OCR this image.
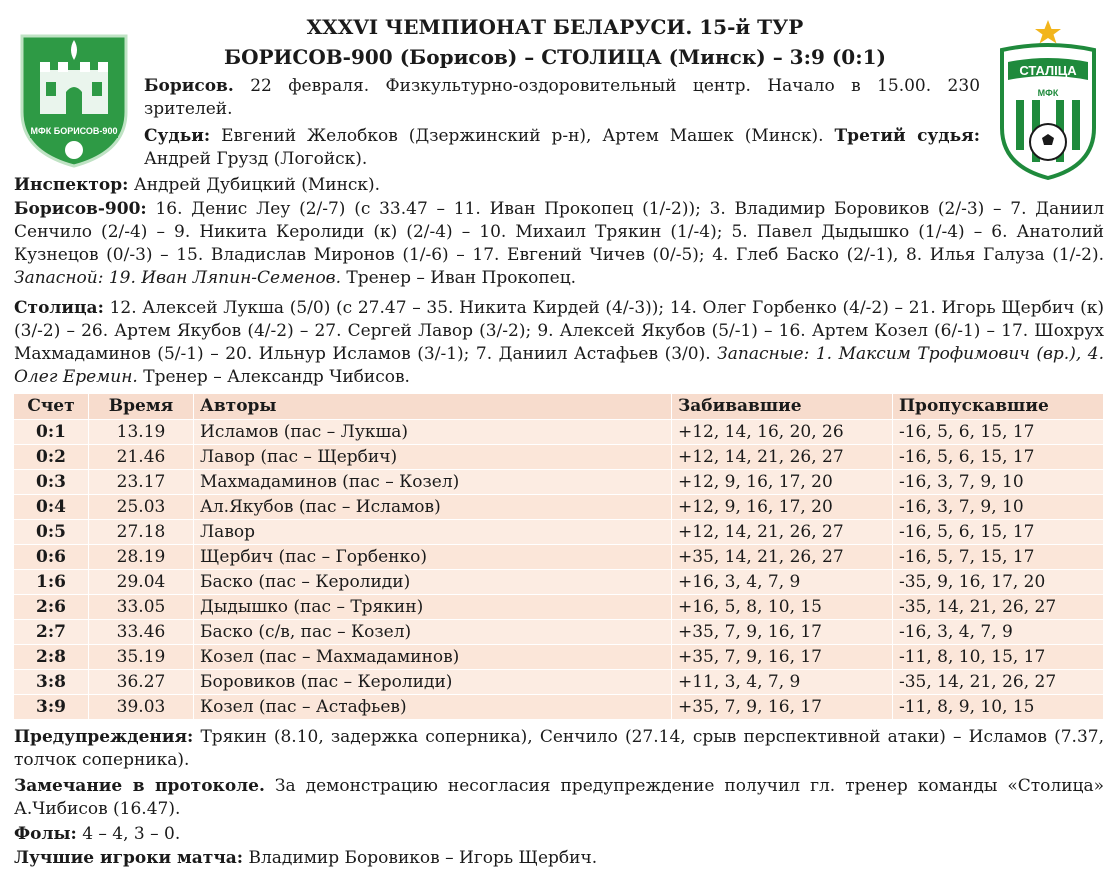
МФК БОРИСОВ-900
СТАЛІЦА
МФК
XXXVI ЧЕМПИОНАТ БЕЛАРУСИ. 15-й ТУР
БОРИСОВ-900 (Борисов) – СТОЛИЦА (Минск) – 3:9 (0:1)
Борисов. 22 февраля. Физкультурно-оздоровительный центр. Начало в 15.00. 230 зрителей.
Судьи: Евгений Желобков (Дзержинский р-н), Артем Машек (Минск). Третий судья: Андрей Грузд (Логойск).
Инспектор: Андрей Дубицкий (Минск).
Борисов-900: 16. Денис Леу (2/-7) (с 33.47 – 11. Иван Прокопец (1/-2)); 3. Владимир Боровиков (2/-3) – 7. Даниил Сенчило (2/-4) – 9. Никита Керолиди (к) (2/-4) – 10. Михаил Трякин (1/-4); 5. Павел Дыдышко (1/-4) – 6. Анатолий Кузнецов (0/-3) – 15. Владислав Миронов (1/-6) – 17. Евгений Чичев (0/-5); 4. Глеб Баско (2/-1), 8. Илья Галуза (1/-2). Запасной: 19. Иван Ляпин-Семенов. Тренер – Иван Прокопец.
Столица: 12. Алексей Лукша (5/0) (с 27.47 – 35. Никита Кирдей (4/-3)); 14. Олег Горбенко (4/-2) – 21. Игорь Щербич (к) (3/-2) – 26. Артем Якубов (4/-2) – 27. Сергей Лавор (3/-2); 9. Алексей Якубов (5/-1) – 16. Артем Козел (6/-1) – 17. Шохрух Махмадаминов (5/-1) – 20. Ильнур Исламов (3/-1); 7. Даниил Астафьев (3/0). Запасные: 1. Максим Трофимович (вр.), 4. Олег Еремин. Тренер – Александр Чибисов.
Счет	Время	Авторы	Забивавшие	Пропускавшие
0:1	13.19	Исламов (пас – Лукша)	+12, 14, 16, 20, 26	-16, 5, 6, 15, 17
0:2	21.46	Лавор (пас – Щербич)	+12, 14, 21, 26, 27	-16, 5, 6, 15, 17
0:3	23.17	Махмадаминов (пас – Козел)	+12, 9, 16, 17, 20	-16, 3, 7, 9, 10
0:4	25.03	Ал.Якубов (пас – Исламов)	+12, 9, 16, 17, 20	-16, 3, 7, 9, 10
0:5	27.18	Лавор	+12, 14, 21, 26, 27	-16, 5, 6, 15, 17
0:6	28.19	Щербич (пас – Горбенко)	+35, 14, 21, 26, 27	-16, 5, 7, 15, 17
1:6	29.04	Баско (пас – Керолиди)	+16, 3, 4, 7, 9	-35, 9, 16, 17, 20
2:6	33.05	Дыдышко (пас – Трякин)	+16, 5, 8, 10, 15	-35, 14, 21, 26, 27
2:7	33.46	Баско (с/в, пас – Козел)	+35, 7, 9, 16, 17	-16, 3, 4, 7, 9
2:8	35.19	Козел (пас – Махмадаминов)	+35, 7, 9, 16, 17	-11, 8, 10, 15, 17
3:8	36.27	Боровиков (пас – Керолиди)	+11, 3, 4, 7, 9	-35, 14, 21, 26, 27
3:9	39.03	Козел (пас – Астафьев)	+35, 7, 9, 16, 17	-11, 8, 9, 10, 15
Предупреждения: Трякин (8.10, задержка соперника), Сенчило (27.14, срыв перспективной атаки) – Исламов (7.37, толчок соперника).
Замечание в протоколе. За демонстрацию несогласия предупреждение получил гл. тренер команды «Столица» А.Чибисов (16.47).
Фолы: 4 – 4, 3 – 0.
Лучшие игроки матча: Владимир Боровиков – Игорь Щербич.
